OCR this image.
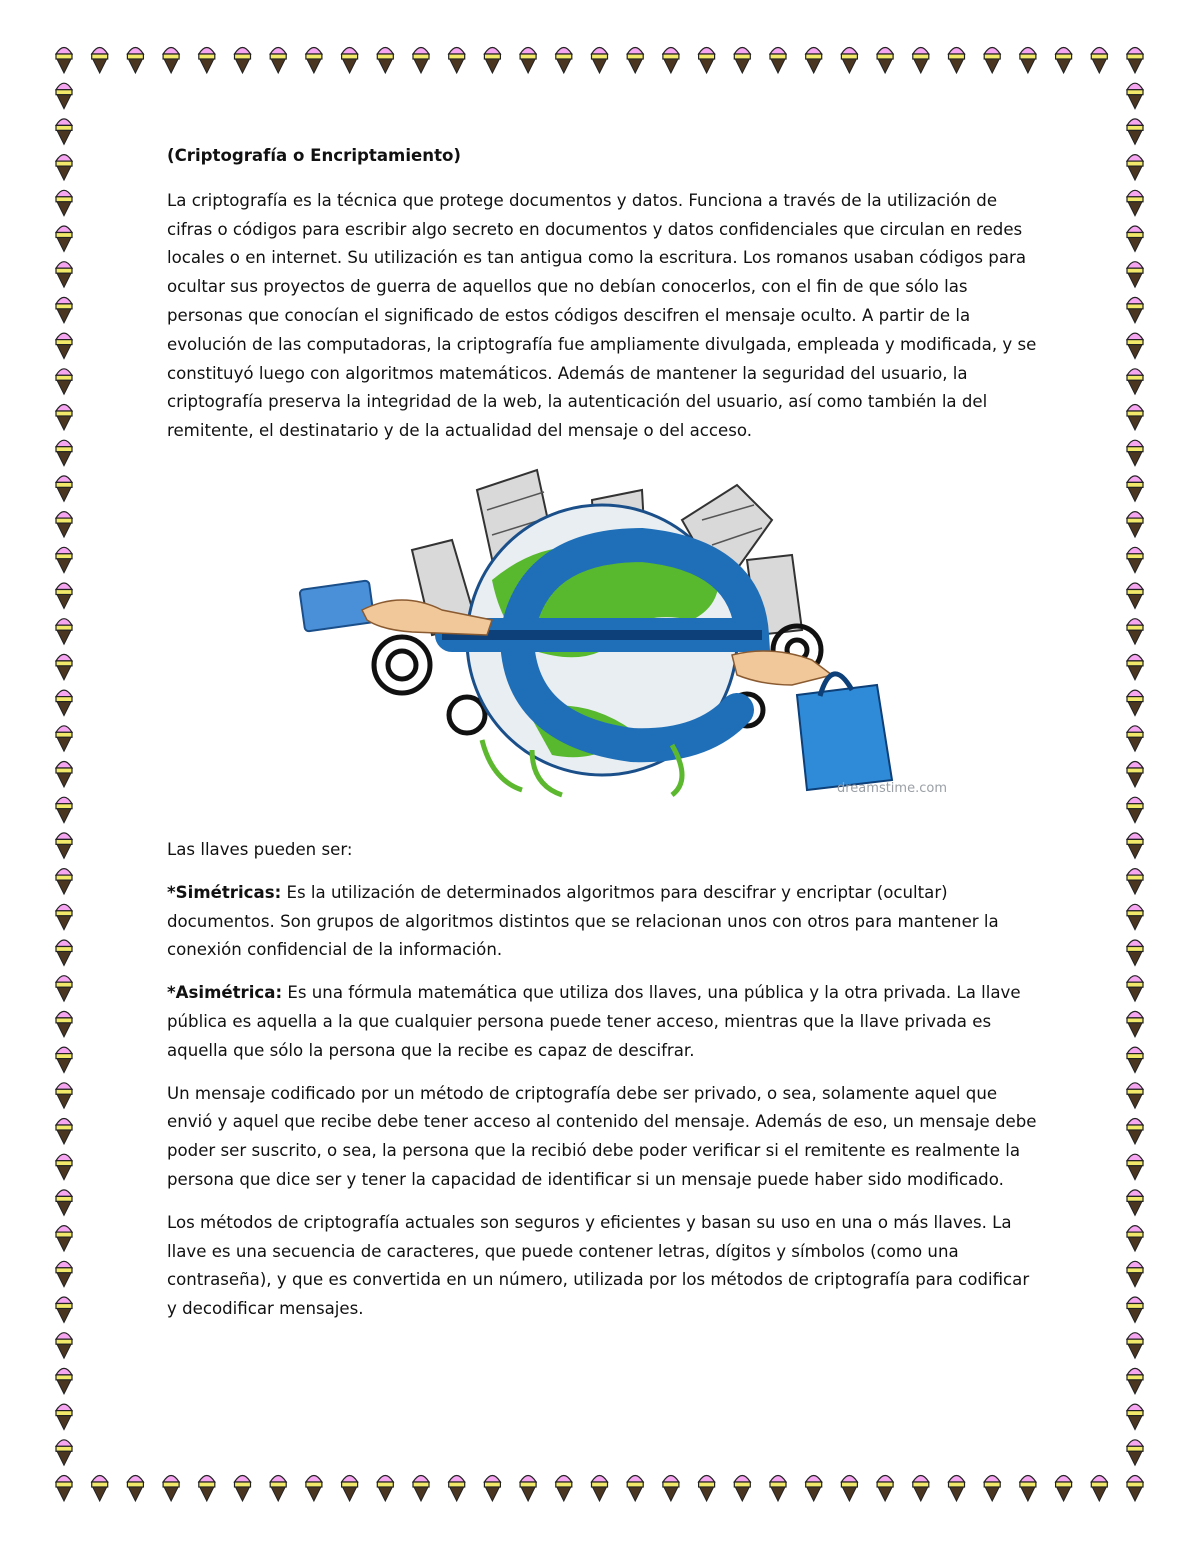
(Criptografía o Encriptamiento)

La criptografía es la técnica que protege documentos y datos. Funciona a través de la utilización de cifras o códigos para escribir algo secreto en documentos y datos confidenciales que circulan en redes locales o en internet. Su utilización es tan antigua como la escritura. Los romanos usaban códigos para ocultar sus proyectos de guerra de aquellos que no debían conocerlos, con el fin de que sólo las personas que conocían el significado de estos códigos descifren el mensaje oculto. A partir de la evolución de las computadoras, la criptografía fue ampliamente divulgada, empleada y modificada, y se constituyó luego con algoritmos matemáticos. Además de mantener la seguridad del usuario, la criptografía preserva la integridad de la web, la autenticación del usuario, así como también la del remitente, el destinatario y de la actualidad del mensaje o del acceso.

dreamstime.com

Las llaves pueden ser:

*Simétricas: Es la utilización de determinados algoritmos para descifrar y encriptar (ocultar) documentos. Son grupos de algoritmos distintos que se relacionan unos con otros para mantener la conexión confidencial de la información.

*Asimétrica: Es una fórmula matemática que utiliza dos llaves, una pública y la otra privada. La llave pública es aquella a la que cualquier persona puede tener acceso, mientras que la llave privada es aquella que sólo la persona que la recibe es capaz de descifrar.

Un mensaje codificado por un método de criptografía debe ser privado, o sea, solamente aquel que envió y aquel que recibe debe tener acceso al contenido del mensaje. Además de eso, un mensaje debe poder ser suscrito, o sea, la persona que la recibió debe poder verificar si el remitente es realmente la persona que dice ser y tener la capacidad de identificar si un mensaje puede haber sido modificado.

Los métodos de criptografía actuales son seguros y eficientes y basan su uso en una o más llaves. La llave es una secuencia de caracteres, que puede contener letras, dígitos y símbolos (como una contraseña), y que es convertida en un número, utilizada por los métodos de criptografía para codificar y decodificar mensajes.
